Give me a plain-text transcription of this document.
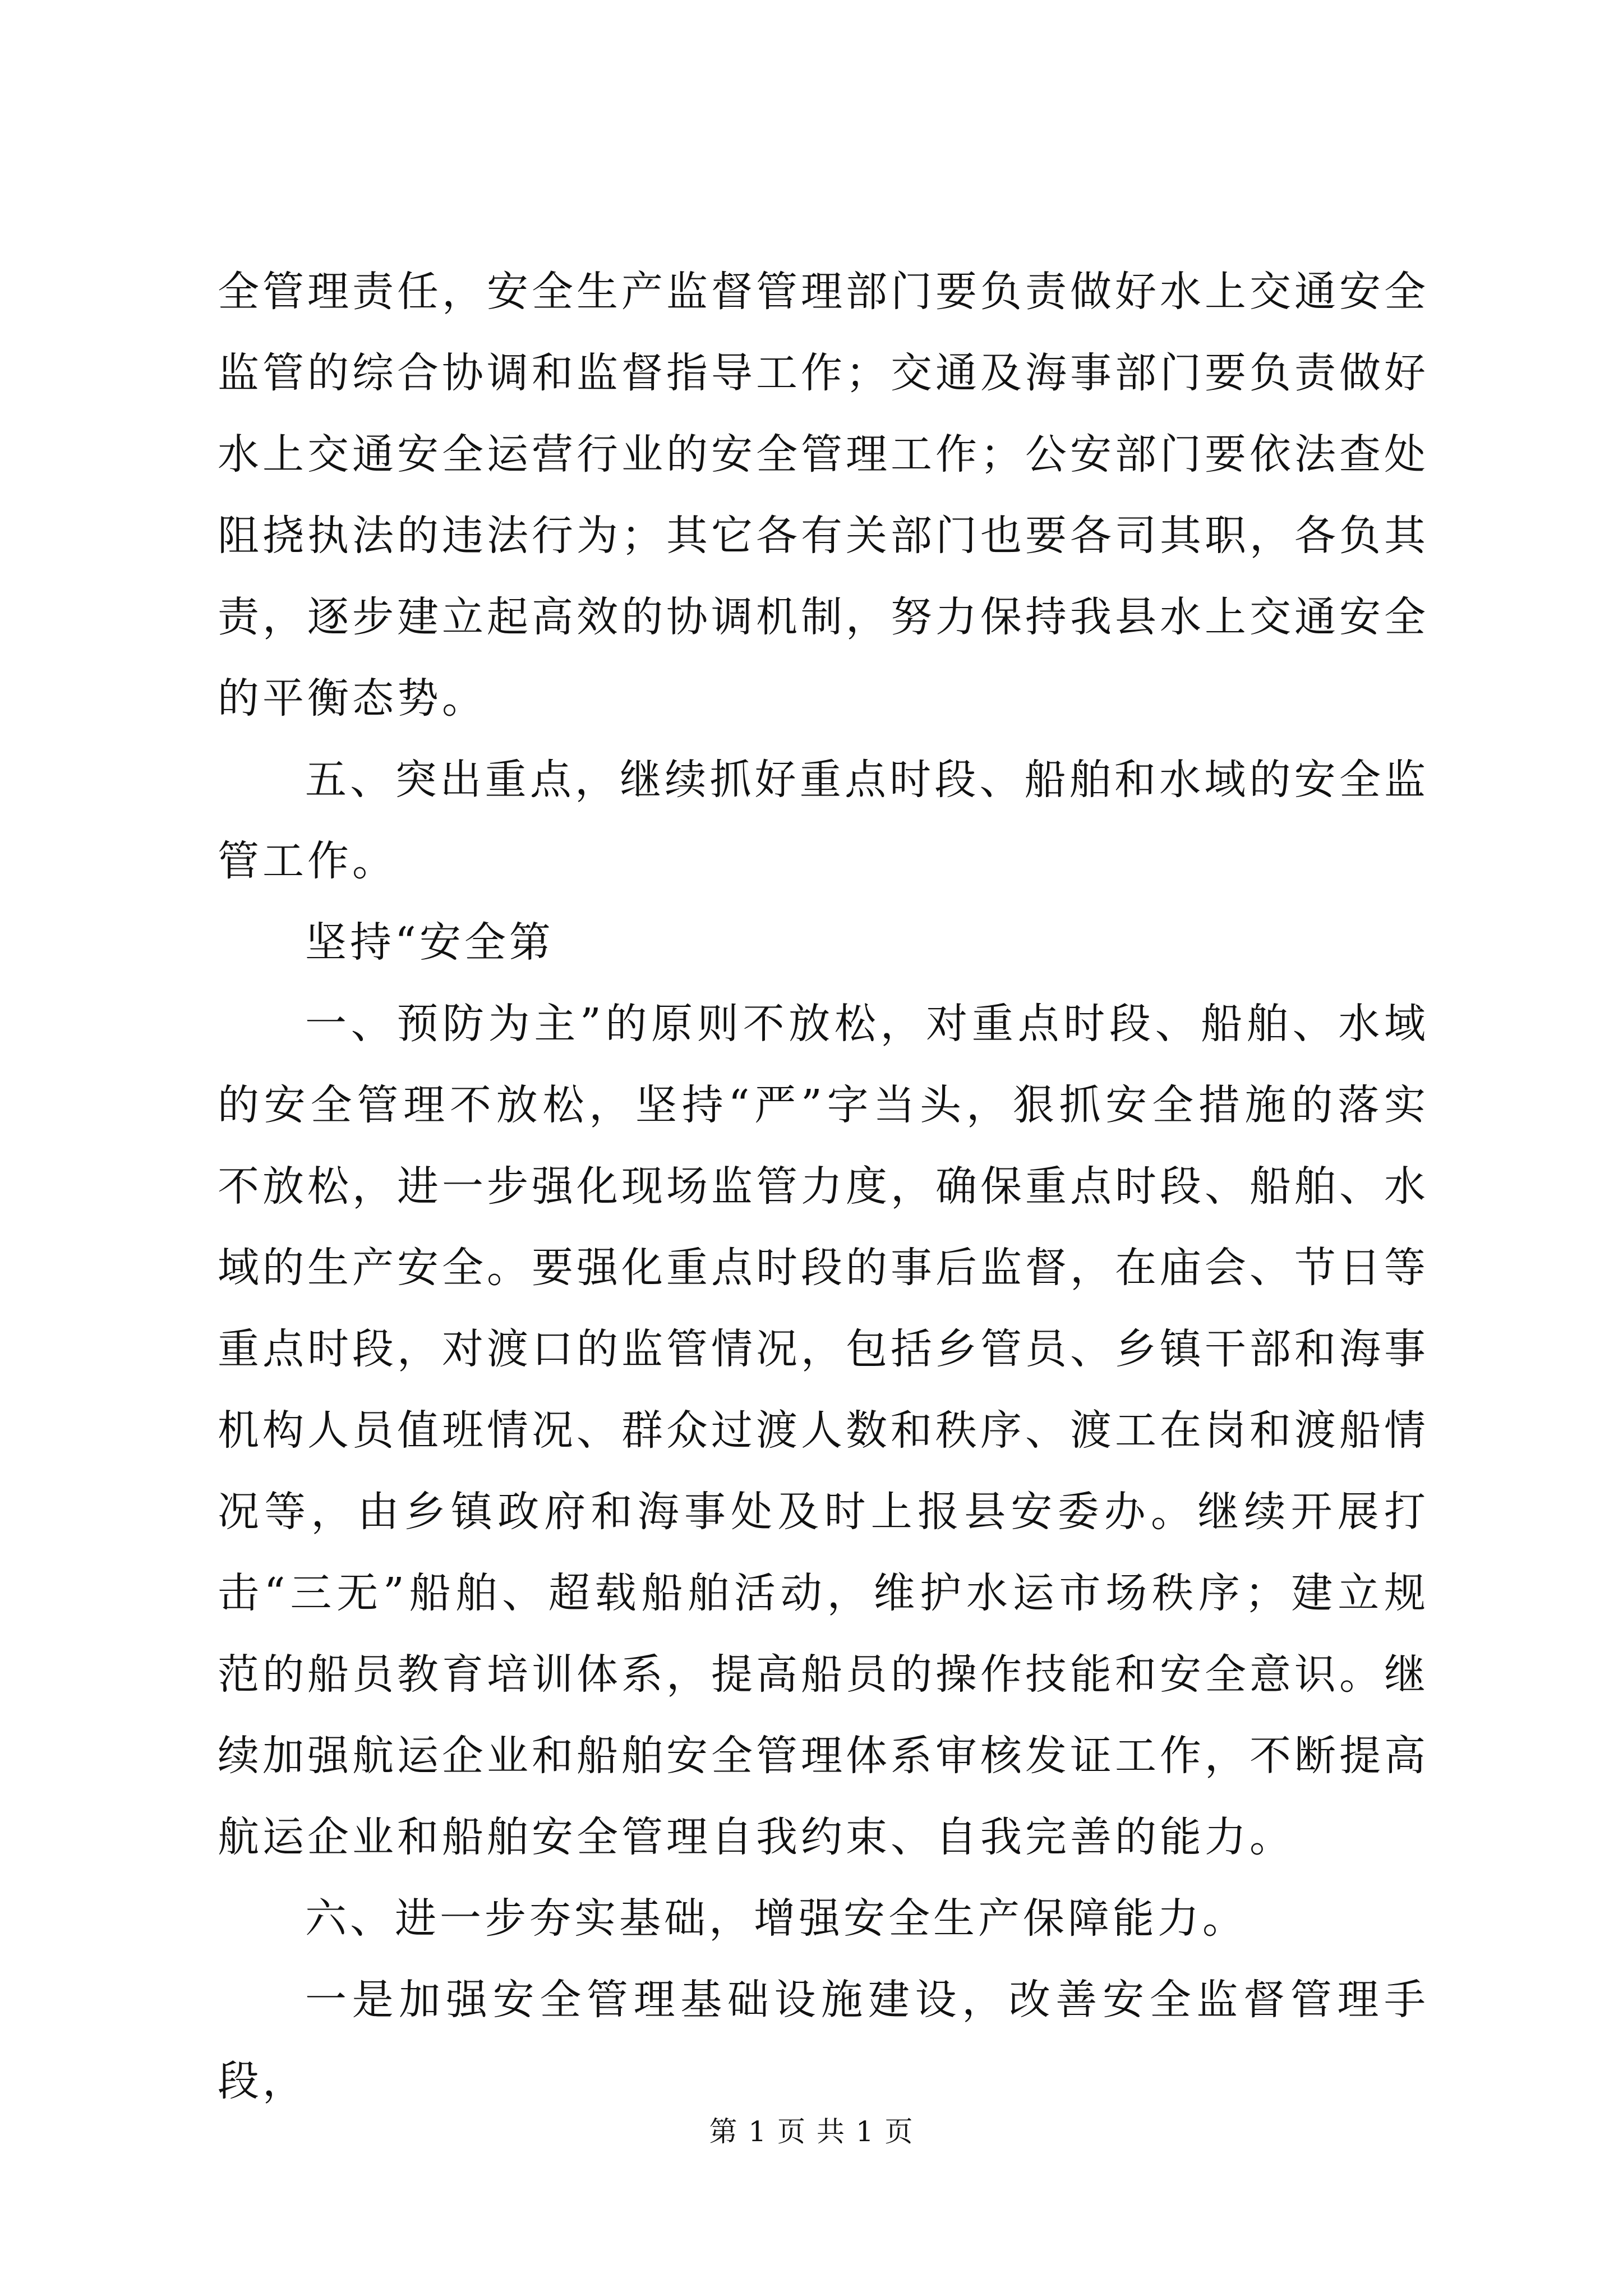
全管理责任，安全生产监督管理部门要负责做好水上交通安全监管的综合协调和监督指导工作；交通及海事部门要负责做好水上交通安全运营行业的安全管理工作；公安部门要依法查处阻挠执法的违法行为；其它各有关部门也要各司其职，各负其责，逐步建立起高效的协调机制，努力保持我县水上交通安全的平衡态势。

五、突出重点，继续抓好重点时段、船舶和水域的安全监管工作。

坚持“安全第

一、预防为主”的原则不放松，对重点时段、船舶、水域的安全管理不放松，坚持“严”字当头，狠抓安全措施的落实不放松，进一步强化现场监管力度，确保重点时段、船舶、水域的生产安全。要强化重点时段的事后监督，在庙会、节日等重点时段，对渡口的监管情况，包括乡管员、乡镇干部和海事机构人员值班情况、群众过渡人数和秩序、渡工在岗和渡船情况等，由乡镇政府和海事处及时上报县安委办。继续开展打击“三无”船舶、超载船舶活动，维护水运市场秩序；建立规范的船员教育培训体系，提高船员的操作技能和安全意识。继续加强航运企业和船舶安全管理体系审核发证工作，不断提高航运企业和船舶安全管理自我约束、自我完善的能力。

六、进一步夯实基础，增强安全生产保障能力。

一是加强安全管理基础设施建设，改善安全监督管理手段，

第 1 页 共 1 页
